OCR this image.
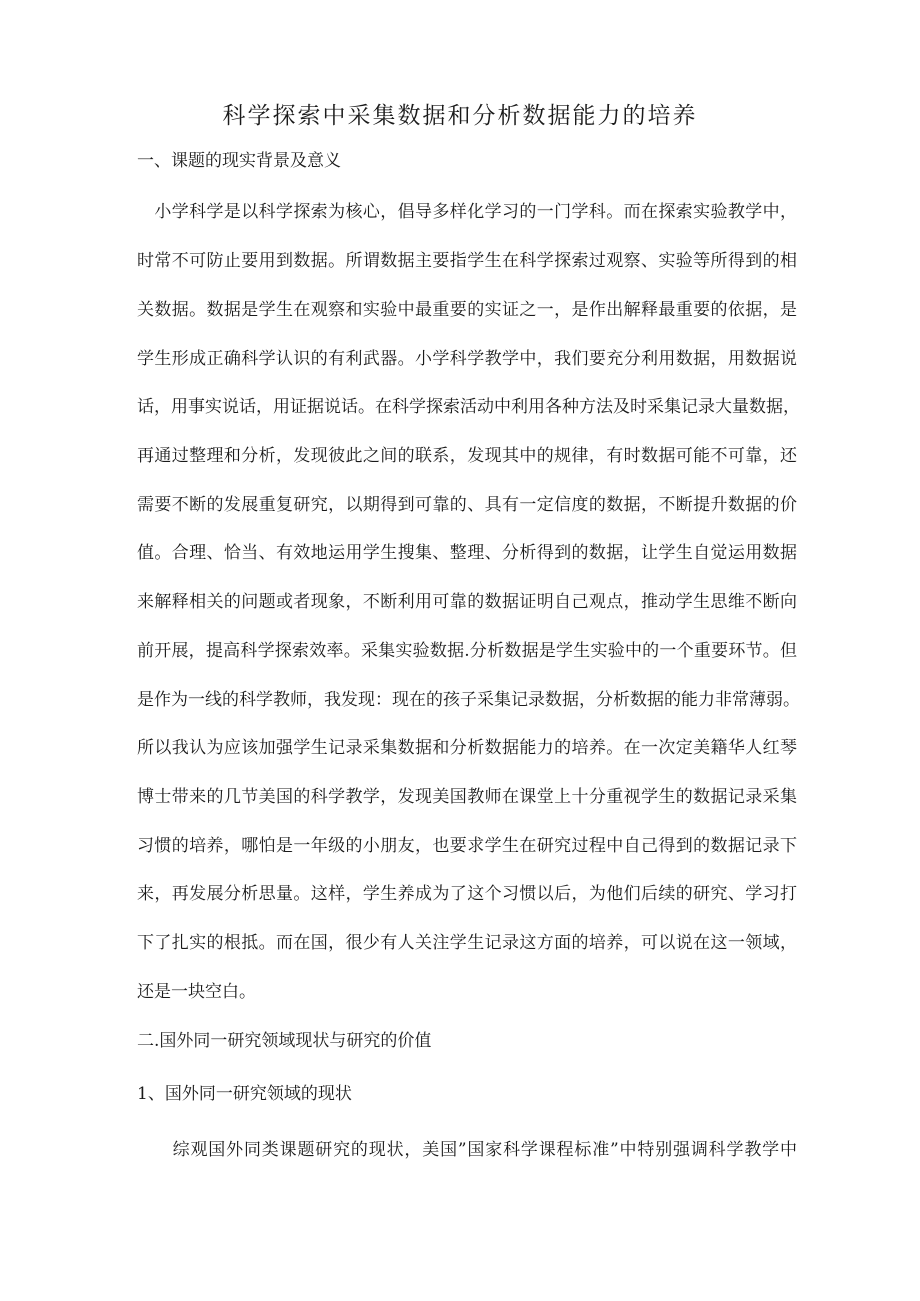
科学探索中采集数据和分析数据能力的培养
一、课题的现实背景及意义
　小学科学是以科学探索为核心，倡导多样化学习的一门学科。而在探索实验教学中，
时常不可防止要用到数据。所谓数据主要指学生在科学探索过观察、实验等所得到的相
关数据。数据是学生在观察和实验中最重要的实证之一，是作出解释最重要的依据，是
学生形成正确科学认识的有利武器。小学科学教学中，我们要充分利用数据，用数据说
话，用事实说话，用证据说话。在科学探索活动中利用各种方法及时采集记录大量数据，
再通过整理和分析，发现彼此之间的联系，发现其中的规律，有时数据可能不可靠，还
需要不断的发展重复研究，以期得到可靠的、具有一定信度的数据，不断提升数据的价
值。合理、恰当、有效地运用学生搜集、整理、分析得到的数据，让学生自觉运用数据
来解释相关的问题或者现象，不断利用可靠的数据证明自己观点，推动学生思维不断向
前开展，提高科学探索效率。采集实验数据.分析数据是学生实验中的一个重要环节。但
是作为一线的科学教师，我发现：现在的孩子采集记录数据，分析数据的能力非常薄弱。
所以我认为应该加强学生记录采集数据和分析数据能力的培养。在一次定美籍华人红琴
博士带来的几节美国的科学教学，发现美国教师在课堂上十分重视学生的数据记录采集
习惯的培养，哪怕是一年级的小朋友，也要求学生在研究过程中自己得到的数据记录下
来，再发展分析思量。这样，学生养成为了这个习惯以后，为他们后续的研究、学习打
下了扎实的根抵。而在国，很少有人关注学生记录这方面的培养，可以说在这一领域，
还是一块空白。
二.国外同一研究领域现状与研究的价值
1、国外同一研究领域的现状
　　综观国外同类课题研究的现状，美国”国家科学课程标准”中特别强调科学教学中
